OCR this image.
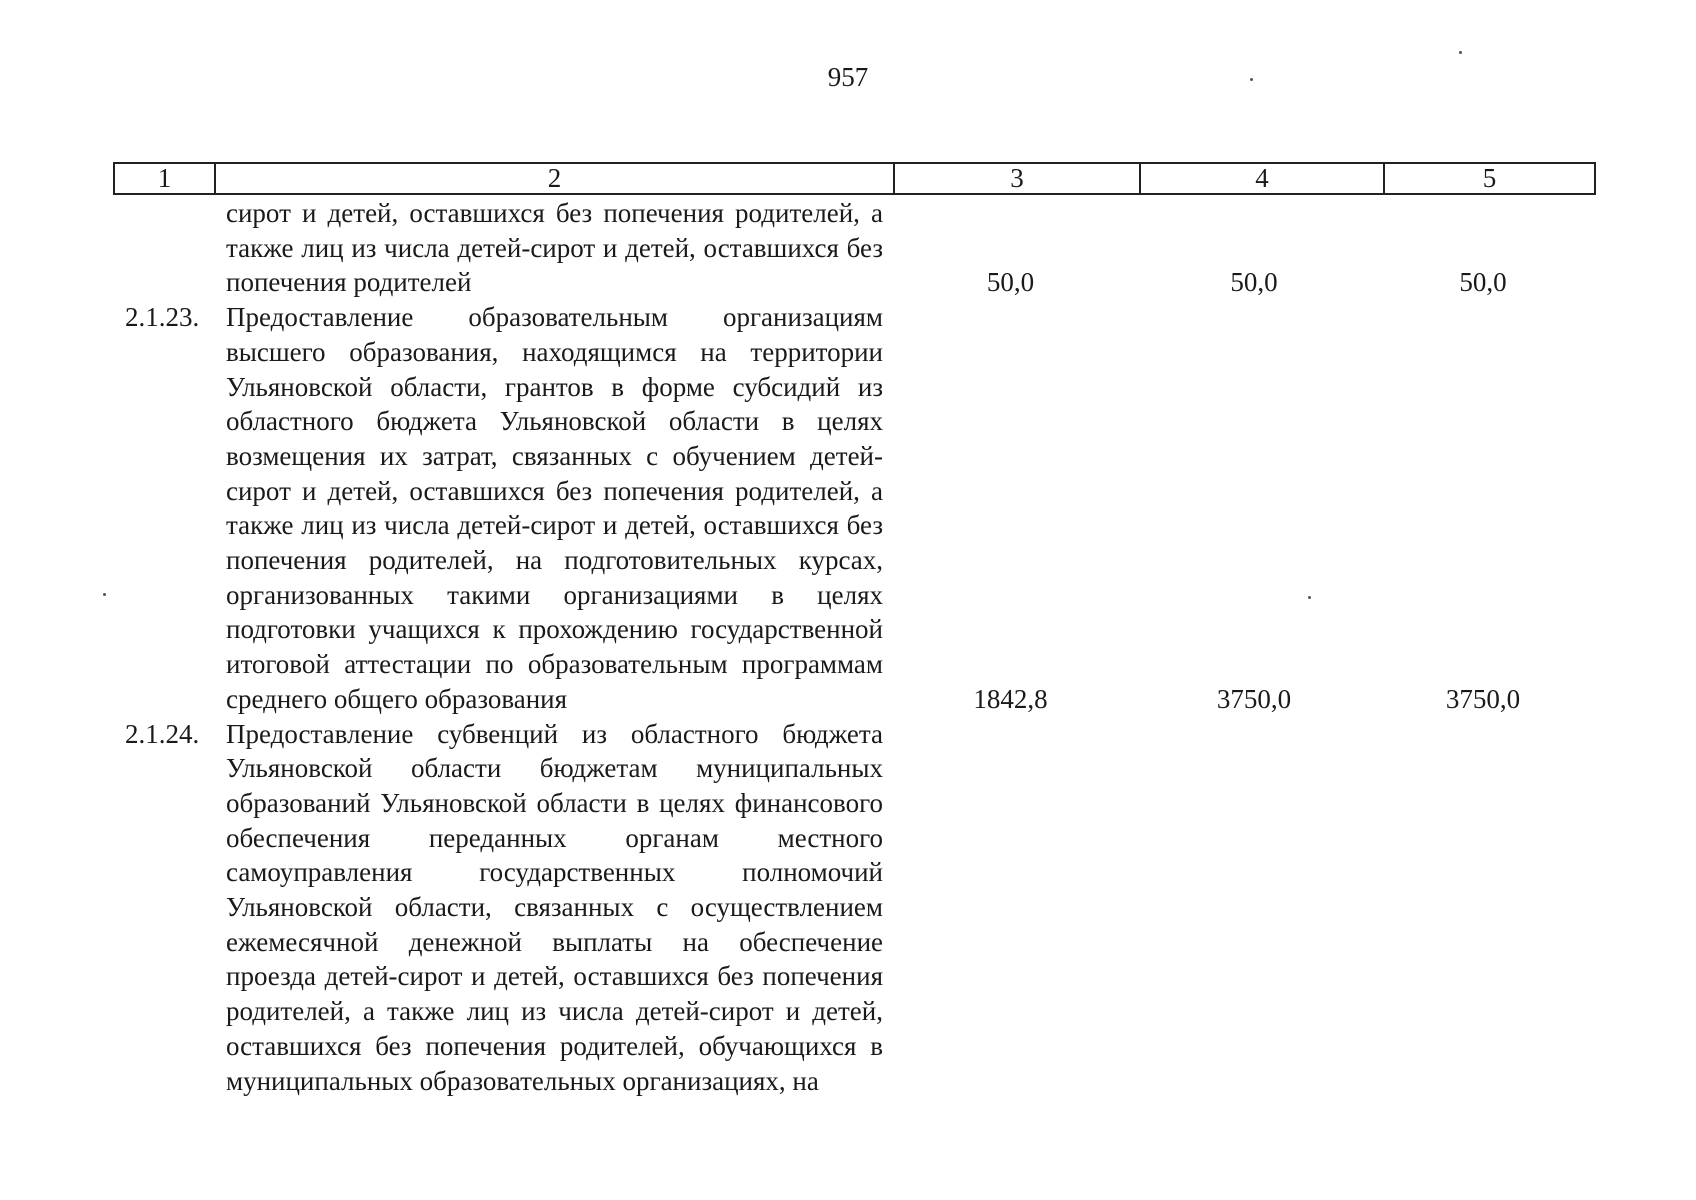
957
1	2	3	4	5
сирот и детей, оставшихся без попечения родителей, а также лиц из числа детей-сирот и детей, оставшихся без попечения родителей	50,0	50,0	50,0
2.1.23. Предоставление образовательным организациям высшего образования, находящимся на территории Ульяновской области, грантов в форме субсидий из областного бюджета Ульяновской области в целях возмещения их затрат, связанных с обучением детей-сирот и детей, оставшихся без попечения родителей, а также лиц из числа детей-сирот и детей, оставшихся без попечения родителей, на подготовительных курсах, организованных такими организациями в целях подготовки учащихся к прохождению государственной итоговой аттестации по образовательным программам среднего общего образования	1842,8	3750,0	3750,0
2.1.24. Предоставление субвенций из областного бюджета Ульяновской области бюджетам муниципальных образований Ульяновской области в целях финансового обеспечения переданных органам местного самоуправления государственных полномочий Ульяновской области, связанных с осуществлением ежемесячной денежной выплаты на обеспечение проезда детей-сирот и детей, оставшихся без попечения родителей, а также лиц из числа детей-сирот и детей, оставшихся без попечения родителей, обучающихся в муниципальных образовательных организациях, на
